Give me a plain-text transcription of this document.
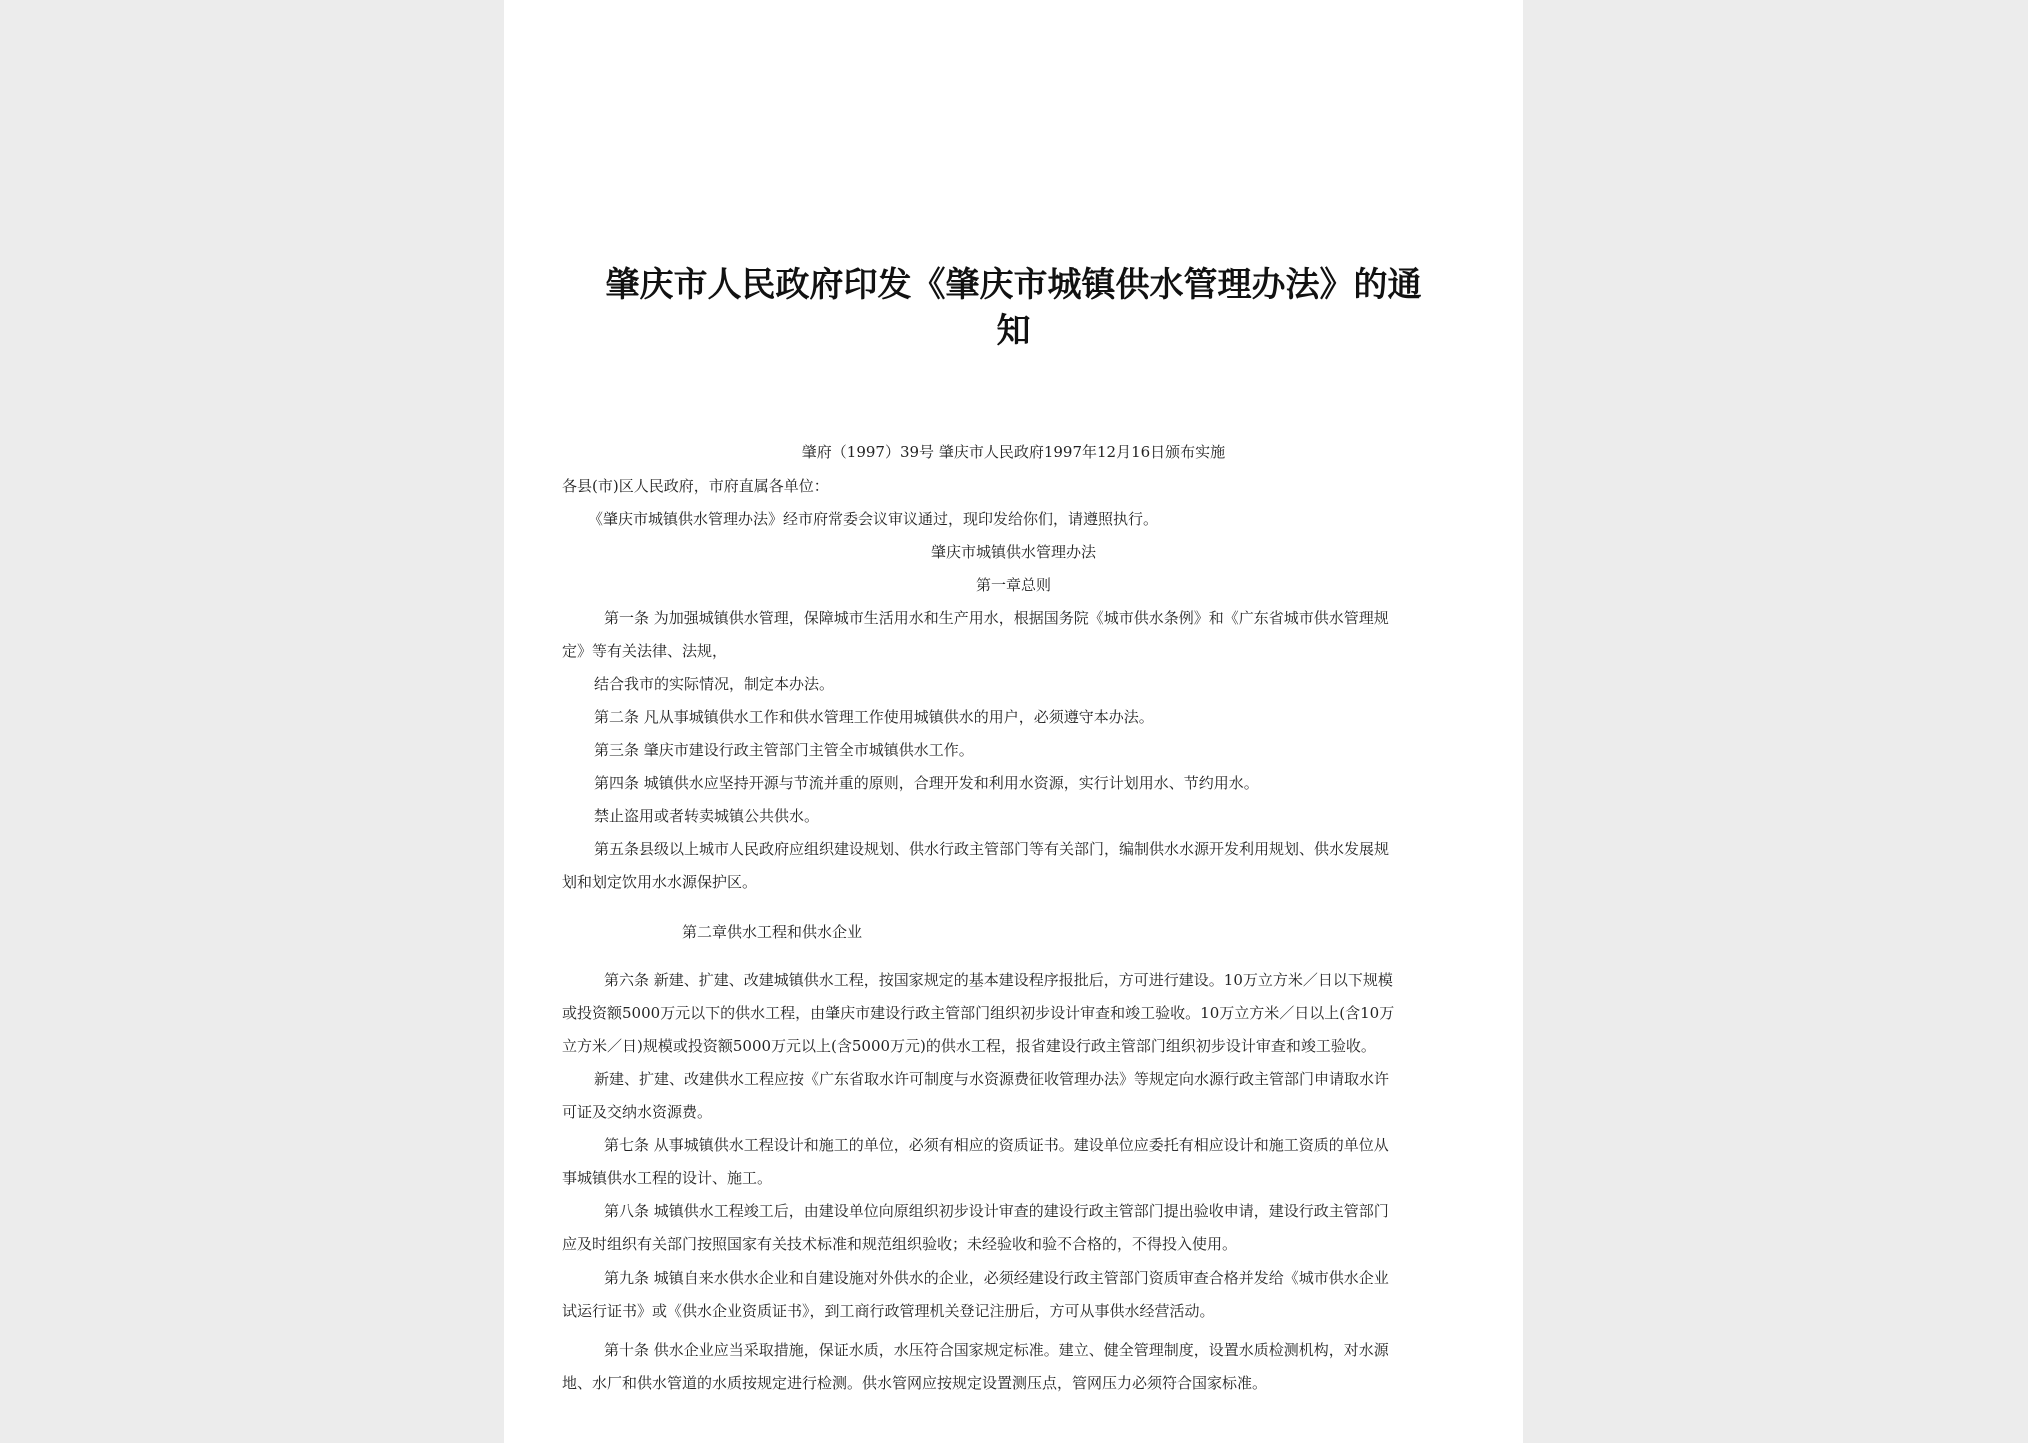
肇庆市人民政府印发《肇庆市城镇供水管理办法》的通
知
肇府（1997）39号 肇庆市人民政府1997年12月16日颁布实施
各县(市)区人民政府，市府直属各单位：
《肇庆市城镇供水管理办法》经市府常委会议审议通过，现印发给你们，请遵照执行。
肇庆市城镇供水管理办法
第一章总则
第一条 为加强城镇供水管理，保障城市生活用水和生产用水，根据国务院《城市供水条例》和《广东省城市供水管理规
定》等有关法律、法规，
结合我市的实际情况，制定本办法。
第二条 凡从事城镇供水工作和供水管理工作使用城镇供水的用户，必须遵守本办法。
第三条 肇庆市建设行政主管部门主管全市城镇供水工作。
第四条 城镇供水应坚持开源与节流并重的原则，合理开发和利用水资源，实行计划用水、节约用水。
禁止盗用或者转卖城镇公共供水。
第五条县级以上城市人民政府应组织建设规划、供水行政主管部门等有关部门，编制供水水源开发利用规划、供水发展规
划和划定饮用水水源保护区。
第二章供水工程和供水企业
第六条 新建、扩建、改建城镇供水工程，按国家规定的基本建设程序报批后，方可进行建设。10万立方米／日以下规模
或投资额5000万元以下的供水工程，由肇庆市建设行政主管部门组织初步设计审查和竣工验收。10万立方米／日以上(含10万
立方米／日)规模或投资额5000万元以上(含5000万元)的供水工程，报省建设行政主管部门组织初步设计审查和竣工验收。
新建、扩建、改建供水工程应按《广东省取水许可制度与水资源费征收管理办法》等规定向水源行政主管部门申请取水许
可证及交纳水资源费。
第七条 从事城镇供水工程设计和施工的单位，必须有相应的资质证书。建设单位应委托有相应设计和施工资质的单位从
事城镇供水工程的设计、施工。
第八条 城镇供水工程竣工后，由建设单位向原组织初步设计审查的建设行政主管部门提出验收申请，建设行政主管部门
应及时组织有关部门按照国家有关技术标准和规范组织验收；未经验收和验不合格的，不得投入使用。
第九条 城镇自来水供水企业和自建设施对外供水的企业，必须经建设行政主管部门资质审查合格并发给《城市供水企业
试运行证书》或《供水企业资质证书》，到工商行政管理机关登记注册后，方可从事供水经营活动。
第十条 供水企业应当采取措施，保证水质，水压符合国家规定标准。建立、健全管理制度，设置水质检测机构，对水源
地、水厂和供水管道的水质按规定进行检测。供水管网应按规定设置测压点，管网压力必须符合国家标准。
